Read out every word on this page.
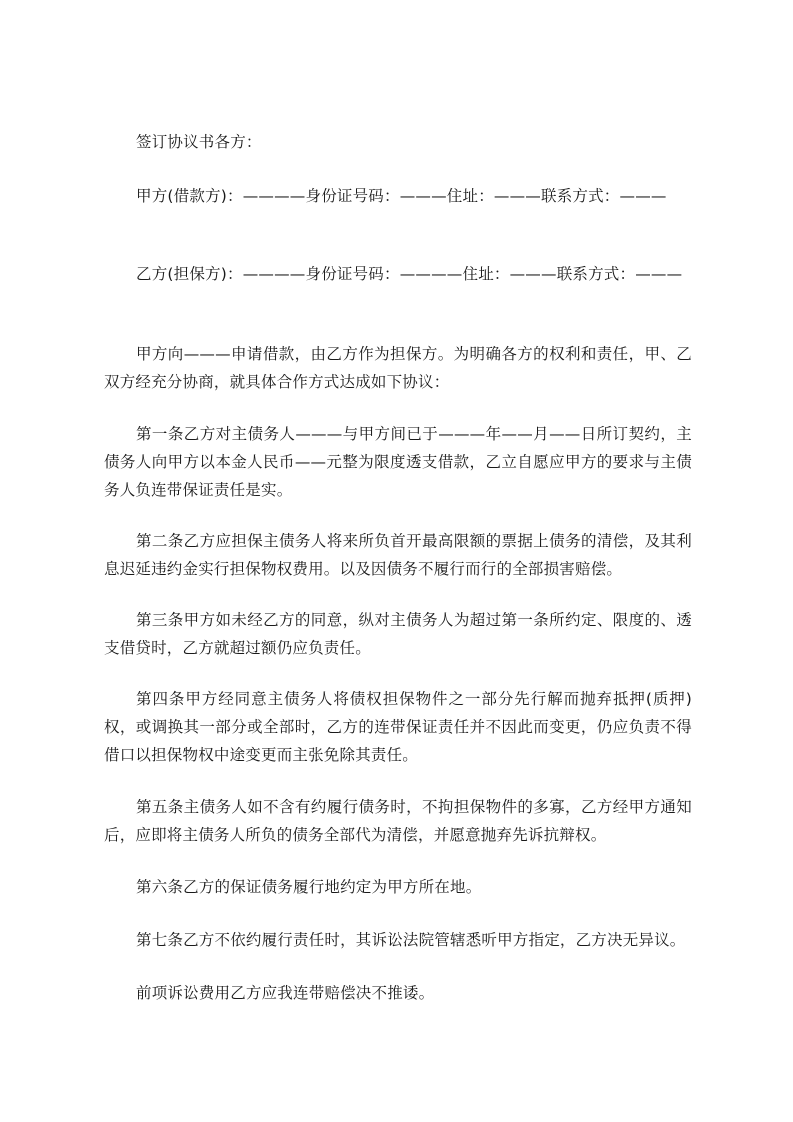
签订协议书各方：

甲方(借款方)：————身份证号码：———住址：———联系方式：———

乙方(担保方)：————身份证号码：————住址：———联系方式：———

甲方向———申请借款，由乙方作为担保方。为明确各方的权利和责任，甲、乙双方经充分协商，就具体合作方式达成如下协议：

第一条乙方对主债务人———与甲方间已于———年——月——日所订契约，主债务人向甲方以本金人民币——元整为限度透支借款，乙立自愿应甲方的要求与主债务人负连带保证责任是实。

第二条乙方应担保主债务人将来所负首开最高限额的票据上债务的清偿，及其利息迟延违约金实行担保物权费用。以及因债务不履行而行的全部损害赔偿。

第三条甲方如未经乙方的同意，纵对主债务人为超过第一条所约定、限度的、透支借贷时，乙方就超过额仍应负责任。

第四条甲方经同意主债务人将债权担保物件之一部分先行解而抛弃抵押(质押)权，或调换其一部分或全部时，乙方的连带保证责任并不因此而变更，仍应负责不得借口以担保物权中途变更而主张免除其责任。

第五条主债务人如不含有约履行债务时，不拘担保物件的多寡，乙方经甲方通知后，应即将主债务人所负的债务全部代为清偿，并愿意抛弃先诉抗辩权。

第六条乙方的保证债务履行地约定为甲方所在地。

第七条乙方不依约履行责任时，其诉讼法院管辖悉听甲方指定，乙方决无异议。

前项诉讼费用乙方应我连带赔偿决不推诿。
